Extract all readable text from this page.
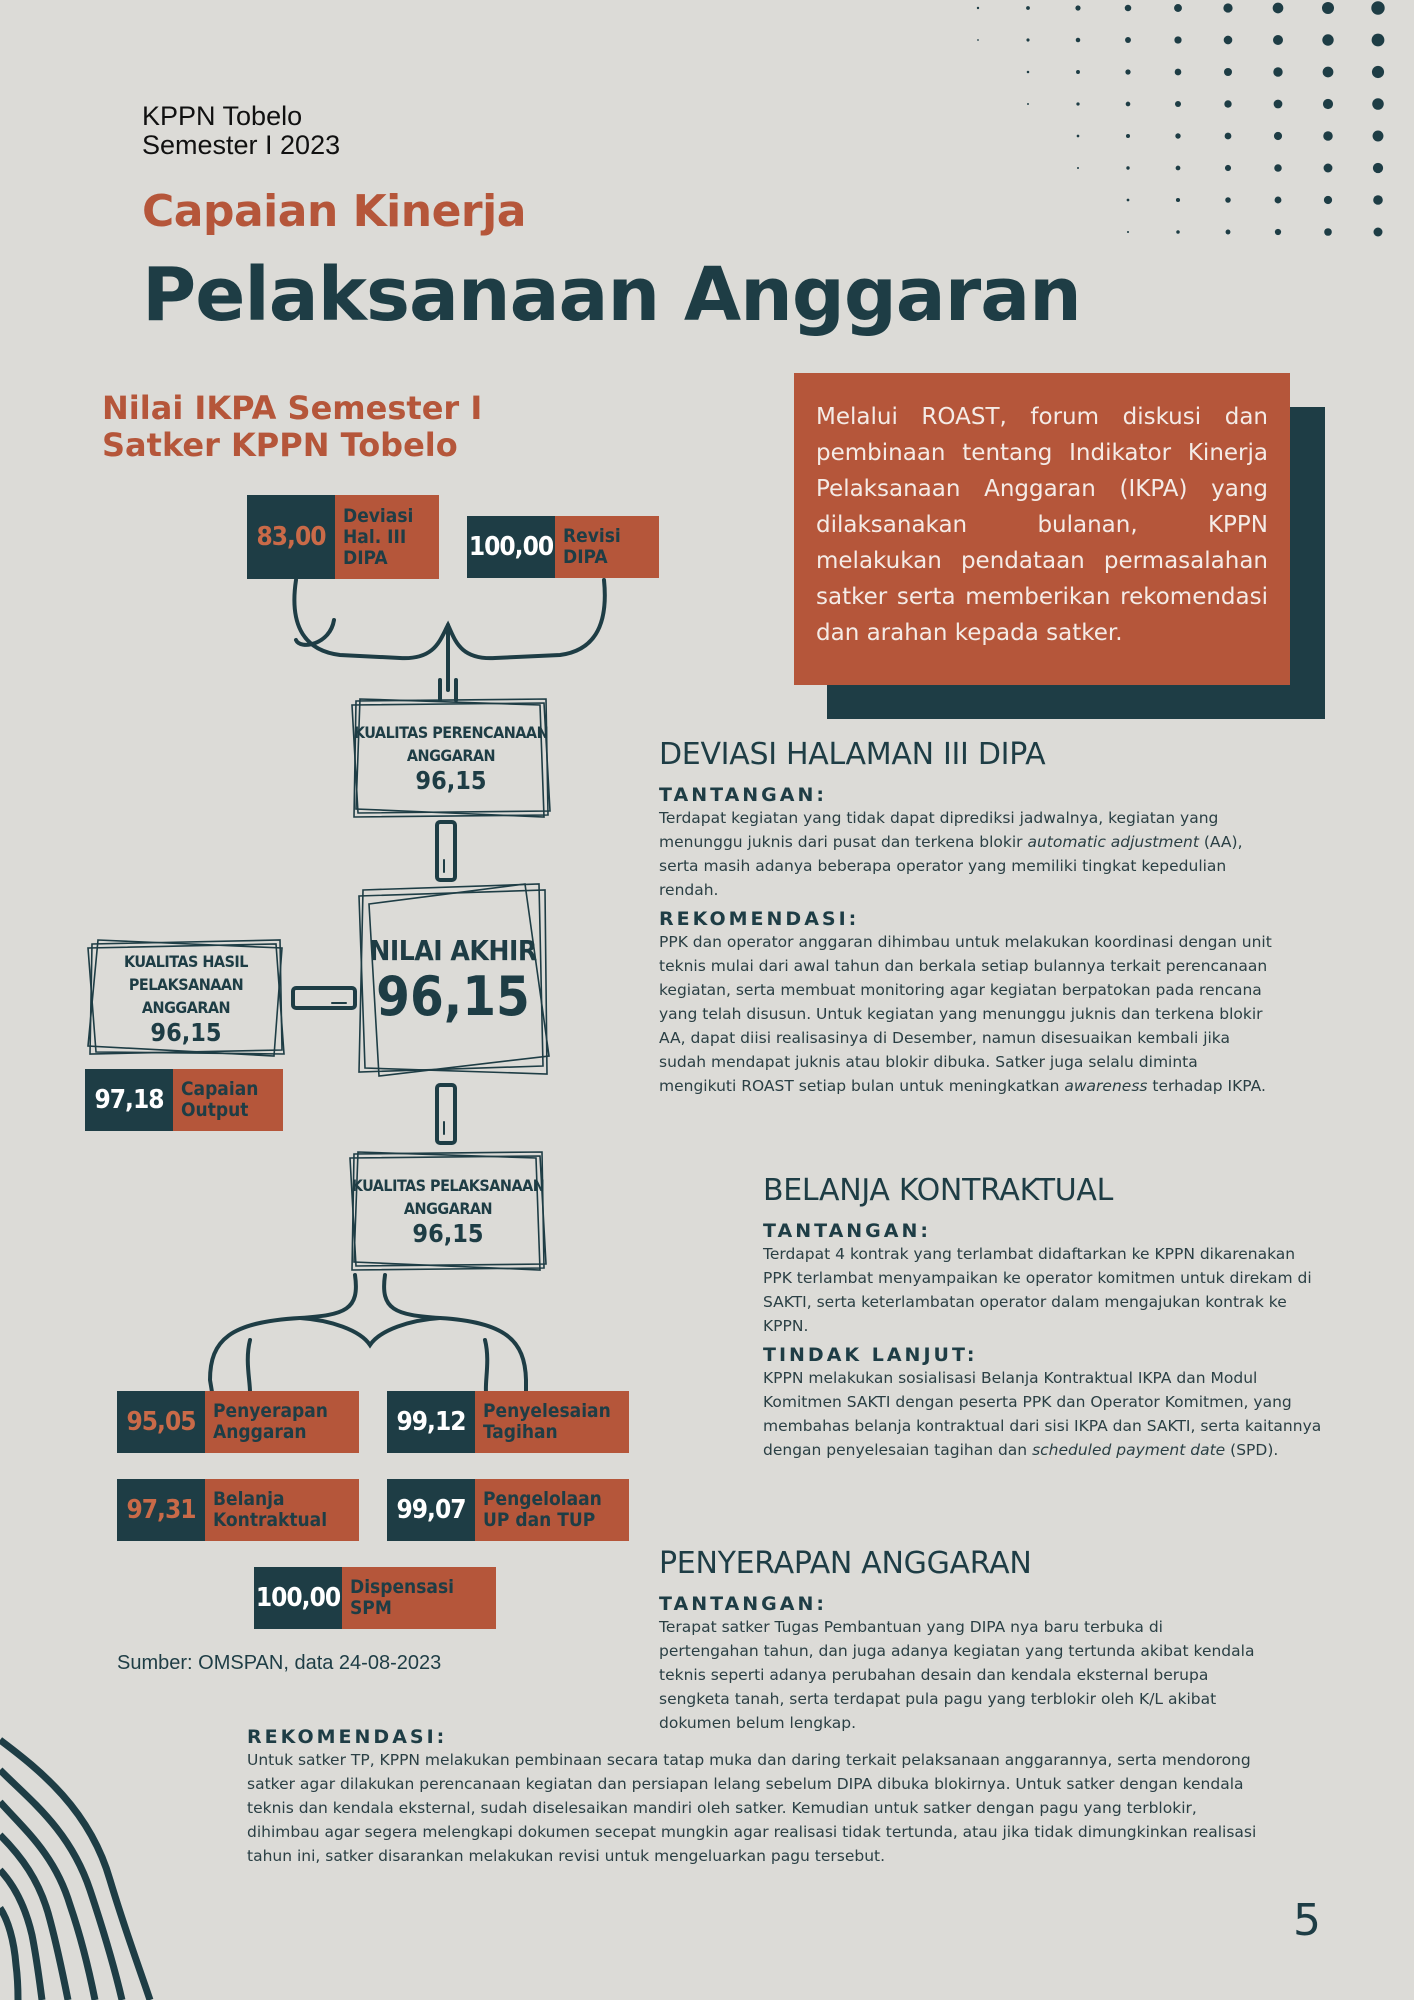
KPPN Tobelo
Semester I 2023
Capaian Kinerja
Pelaksanaan Anggaran
Nilai IKPA Semester I
Satker KPPN Tobelo
83,00
Deviasi
Hal. III
DIPA	100,00 Revisi
DIPA
97,18 Capaian
Output
95,05 Penyerapan
Anggaran	99,12 Penyelesaian
Tagihan
97,31 Belanja
Kontraktual	99,07 Pengelolaan
UP dan TUP
100,00 Dispensasi
SPM
KUALITAS PERENCANAAN
ANGGARAN
96,15
NILAI AKHIR
96,15
KUALITAS HASIL
PELAKSANAAN ANGGARAN
96,15
KUALITAS PELAKSANAAN
ANGGARAN
96,15
Sumber: OMSPAN, data 24-08-2023
Melalui ROAST, forum diskusi dan pembinaan tentang Indikator Kinerja Pelaksanaan Anggaran (IKPA) yang dilaksanakan bulanan, KPPN melakukan pendataan permasalahan satker serta memberikan rekomendasi dan arahan kepada satker.
DEVIASI HALAMAN III DIPA
TANTANGAN:
Terdapat kegiatan yang tidak dapat diprediksi jadwalnya, kegiatan yang menunggu juknis dari pusat dan terkena blokir automatic adjustment (AA), serta masih adanya beberapa operator yang memiliki tingkat kepedulian rendah.
REKOMENDASI:
PPK dan operator anggaran dihimbau untuk melakukan koordinasi dengan unit teknis mulai dari awal tahun dan berkala setiap bulannya terkait perencanaan kegiatan, serta membuat monitoring agar kegiatan berpatokan pada rencana yang telah disusun. Untuk kegiatan yang menunggu juknis dan terkena blokir AA, dapat diisi realisasinya di Desember, namun disesuaikan kembali jika sudah mendapat juknis atau blokir dibuka. Satker juga selalu diminta mengikuti ROAST setiap bulan untuk meningkatkan awareness terhadap IKPA.
BELANJA KONTRAKTUAL
TANTANGAN:
Terdapat 4 kontrak yang terlambat didaftarkan ke KPPN dikarenakan PPK terlambat menyampaikan ke operator komitmen untuk direkam di SAKTI, serta keterlambatan operator dalam mengajukan kontrak ke KPPN.
TINDAK LANJUT:
KPPN melakukan sosialisasi Belanja Kontraktual IKPA dan Modul Komitmen SAKTI dengan peserta PPK dan Operator Komitmen, yang membahas belanja kontraktual dari sisi IKPA dan SAKTI, serta kaitannya dengan penyelesaian tagihan dan scheduled payment date (SPD).
PENYERAPAN ANGGARAN
TANTANGAN:
Terapat satker Tugas Pembantuan yang DIPA nya baru terbuka di pertengahan tahun, dan juga adanya kegiatan yang tertunda akibat kendala teknis seperti adanya perubahan desain dan kendala eksternal berupa sengketa tanah, serta terdapat pula pagu yang terblokir oleh K/L akibat dokumen belum lengkap.
REKOMENDASI:
Untuk satker TP, KPPN melakukan pembinaan secara tatap muka dan daring terkait pelaksanaan anggarannya, serta mendorong satker agar dilakukan perencanaan kegiatan dan persiapan lelang sebelum DIPA dibuka blokirnya. Untuk satker dengan kendala teknis dan kendala eksternal, sudah diselesaikan mandiri oleh satker. Kemudian untuk satker dengan pagu yang terblokir, dihimbau agar segera melengkapi dokumen secepat mungkin agar realisasi tidak tertunda, atau jika tidak dimungkinkan realisasi tahun ini, satker disarankan melakukan revisi untuk mengeluarkan pagu tersebut.
5
